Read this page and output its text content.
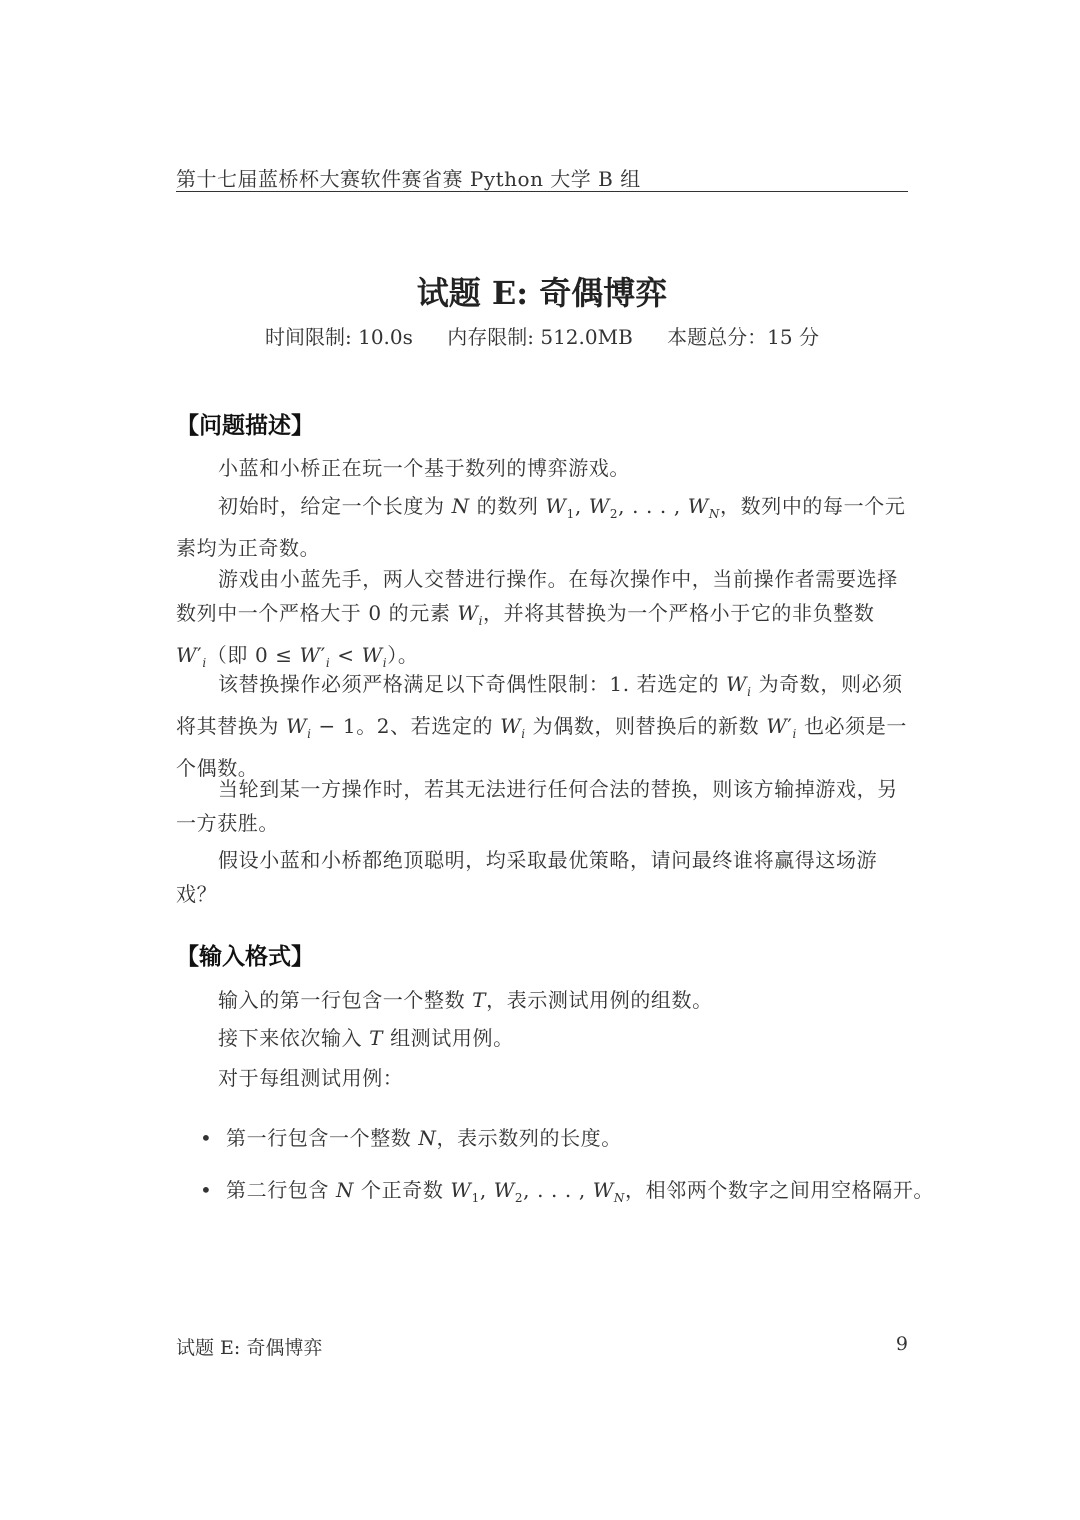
第十七届蓝桥杯大赛软件赛省赛 Python 大学 B 组
试题 E: 奇偶博弈
时间限制: 10.0s 内存限制: 512.0MB 本题总分：15 分
【问题描述】
小蓝和小桥正在玩一个基于数列的博弈游戏。
初始时，给定一个长度为 N 的数列 $W_1$, $W_2$, . . . , $W_N$，数列中的每一个元素均为正奇数。
游戏由小蓝先手，两人交替进行操作。在每次操作中，当前操作者需要选择数列中一个严格大于 0 的元素 $W_i$，并将其替换为一个严格小于它的非负整数
$W'_i$（即 $0 \le W'_i < W_i$）。
该替换操作必须严格满足以下奇偶性限制：1. 若选定的 $W_i$ 为奇数，则必须将其替换为 $W_i - 1$。2、若选定的 $W_i$ 为偶数，则替换后的新数 $W'_i$ 也必须是一个偶数。
当轮到某一方操作时，若其无法进行任何合法的替换，则该方输掉游戏，另一方获胜。
假设小蓝和小桥都绝顶聪明，均采取最优策略，请问最终谁将赢得这场游戏？
【输入格式】
输入的第一行包含一个整数 T，表示测试用例的组数。
接下来依次输入 T 组测试用例。
对于每组测试用例：
• 第一行包含一个整数 N，表示数列的长度。
• 第二行包含 N 个正奇数 $W_1$, $W_2$, . . . , $W_N$，相邻两个数字之间用空格隔开。
试题 E: 奇偶博弈	9
